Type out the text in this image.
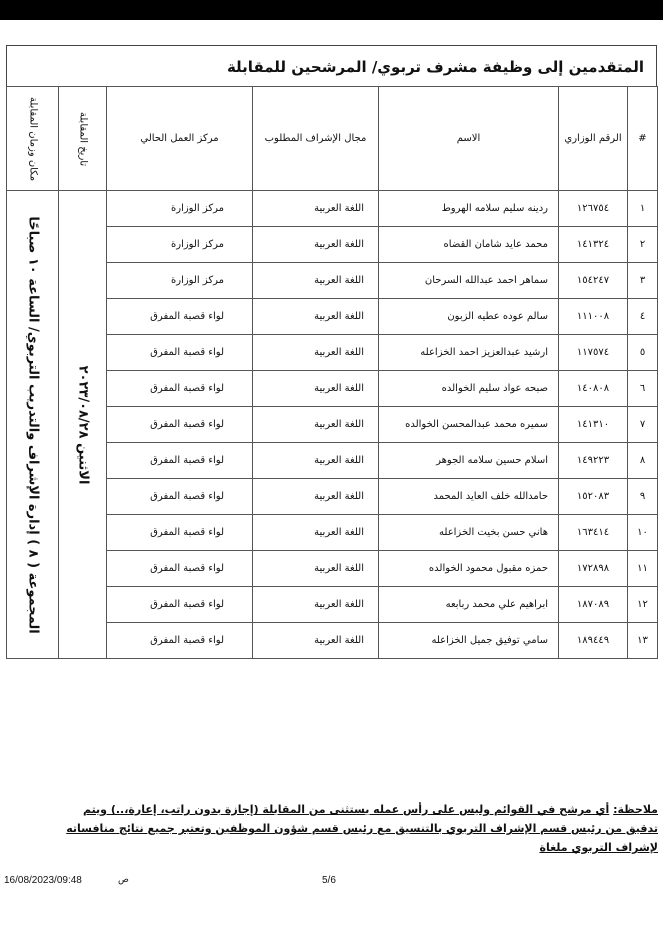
المتقدمين إلى وظيفة مشرف تربوي/ المرشحين للمقابلة
#	الرقم الوزاري	الاسم	مجال الإشراف المطلوب	مركز العمل الحالي	تاريخ المقابلة	مكان وزمان المقابلة

١	١٢٦٧٥٤	ردينه سليم سلامه الهروط	اللغة العربية	مركز الوزارة	الاثنين ٢٠٢٣/٠٨/٢٨	المجموعة ( ٨ ) إدارة الإشراف والتدريب التربوي/ الساعة ١٠ صباحًا

٢	١٤١٣٢٤	محمد عايد شامان القضاه	اللغة العربية	مركز الوزارة		
٣	١٥٤٢٤٧	سماهر احمد عبدالله السرحان	اللغة العربية	مركز الوزارة		
٤	١١١٠٠٨	سالم عوده عطيه الزبون	اللغة العربية	لواء قصبة المفرق		
٥	١١٧٥٧٤	ارشيد عبدالعزيز احمد الخزاعله	اللغة العربية	لواء قصبة المفرق		
٦	١٤٠٨٠٨	صبحه عواد سليم الخوالده	اللغة العربية	لواء قصبة المفرق		
٧	١٤١٣١٠	سميره محمد عبدالمحسن الخوالده	اللغة العربية	لواء قصبة المفرق		
٨	١٤٩٢٢٣	اسلام حسين سلامه الجوهر	اللغة العربية	لواء قصبة المفرق		
٩	١٥٢٠٨٣	حامدالله خلف العايد المحمد	اللغة العربية	لواء قصبة المفرق		
١٠	١٦٣٤١٤	هاني حسن بخيت الخزاعله	اللغة العربية	لواء قصبة المفرق		
١١	١٧٢٨٩٨	حمزه مقبول محمود الخوالده	اللغة العربية	لواء قصبة المفرق		
١٢	١٨٧٠٨٩	ابراهيم علي محمد ربابعه	اللغة العربية	لواء قصبة المفرق		
١٣	١٨٩٤٤٩	سامي توفيق جميل الخزاعله	اللغة العربية	لواء قصبة المفرق		
ملاحظة: أي مرشح في القوائم وليس على رأس عمله يستثنى من المقابلة (إجازة بدون راتب، إعارة،..) ويتم
تدقيق من رئيس قسم الإشراف التربوي بالتنسيق مع رئيس قسم شؤون الموظفين وتعتبر جميع نتائج منافساته
لإشراف التربوي ملغاة
16/08/2023/09:48	ص	5/6
